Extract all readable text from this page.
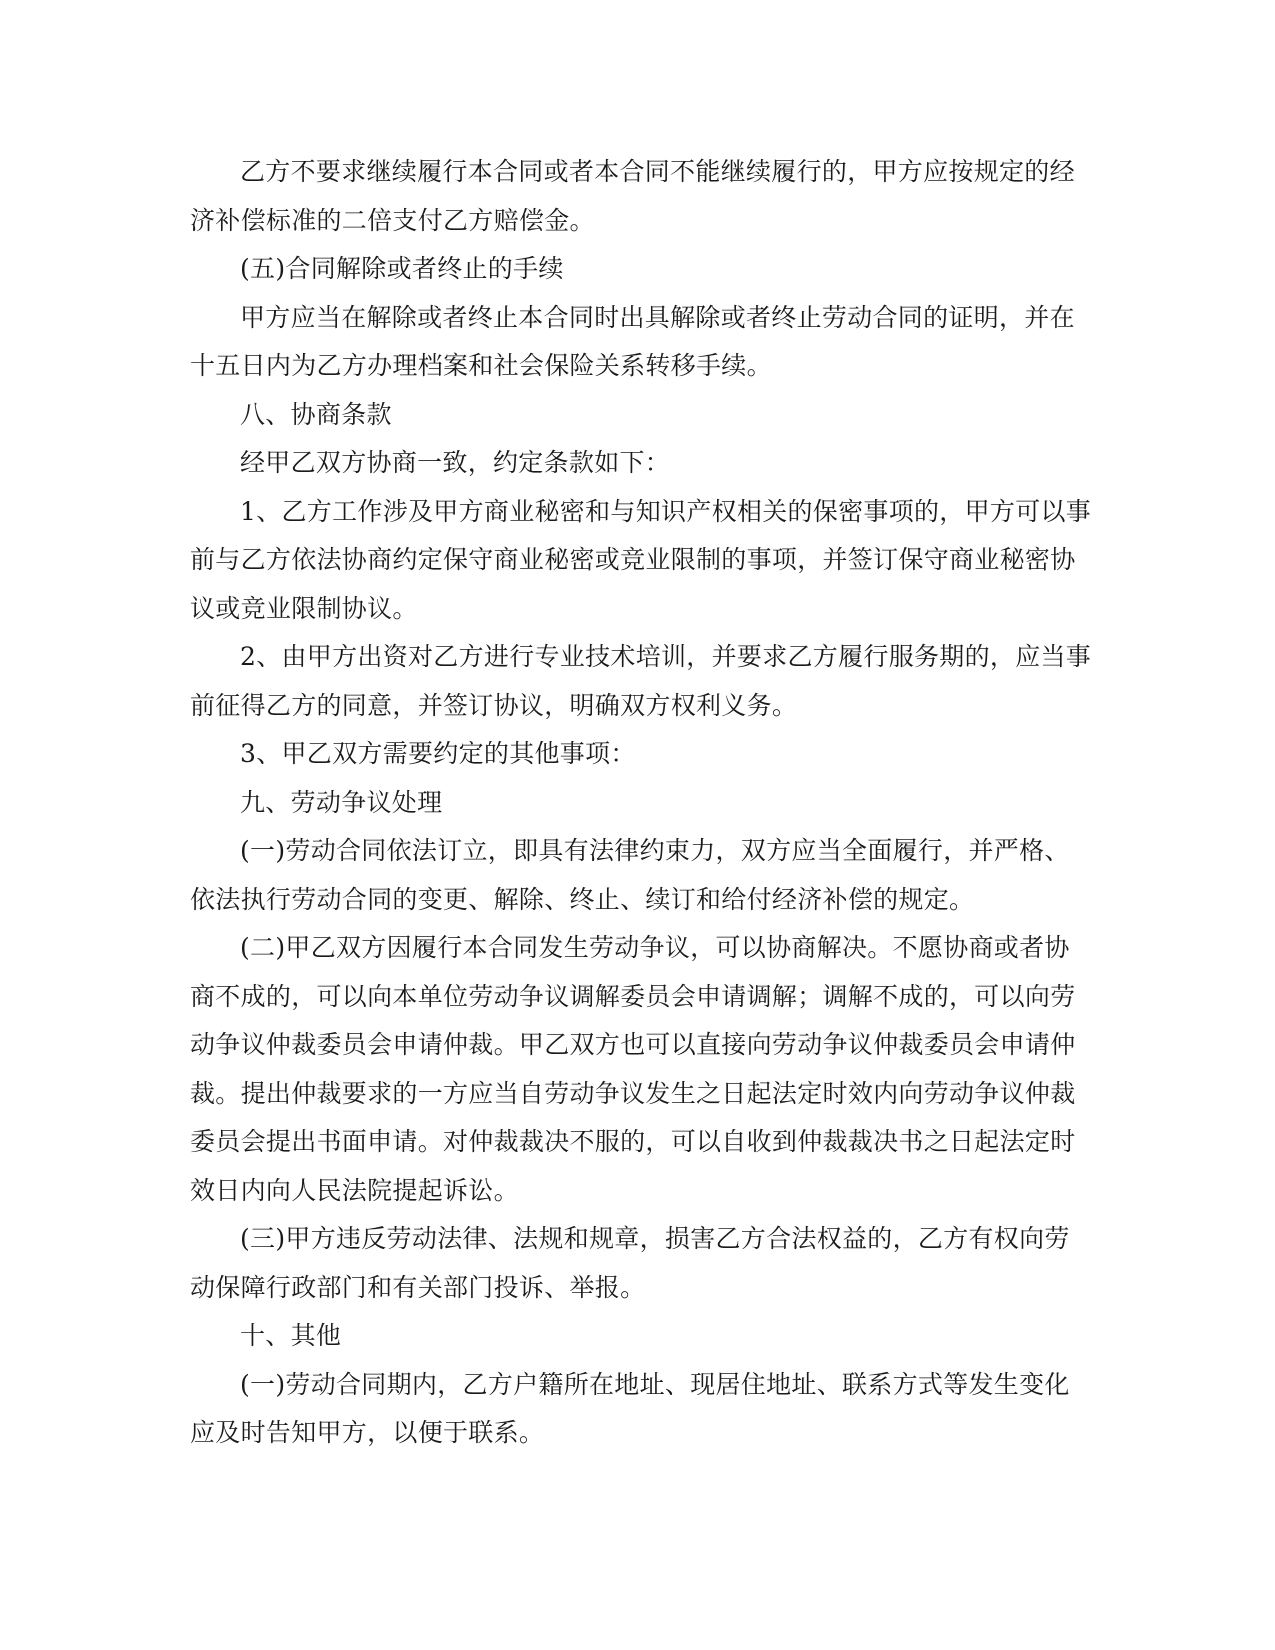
乙方不要求继续履行本合同或者本合同不能继续履行的，甲方应按规定的经
济补偿标准的二倍支付乙方赔偿金。
(五)合同解除或者终止的手续
甲方应当在解除或者终止本合同时出具解除或者终止劳动合同的证明，并在
十五日内为乙方办理档案和社会保险关系转移手续。
八、协商条款
经甲乙双方协商一致，约定条款如下：
1、乙方工作涉及甲方商业秘密和与知识产权相关的保密事项的，甲方可以事
前与乙方依法协商约定保守商业秘密或竞业限制的事项，并签订保守商业秘密协
议或竞业限制协议。
2、由甲方出资对乙方进行专业技术培训，并要求乙方履行服务期的，应当事
前征得乙方的同意，并签订协议，明确双方权利义务。
3、甲乙双方需要约定的其他事项：
九、劳动争议处理
(一)劳动合同依法订立，即具有法律约束力，双方应当全面履行，并严格、
依法执行劳动合同的变更、解除、终止、续订和给付经济补偿的规定。
(二)甲乙双方因履行本合同发生劳动争议，可以协商解决。不愿协商或者协
商不成的，可以向本单位劳动争议调解委员会申请调解；调解不成的，可以向劳
动争议仲裁委员会申请仲裁。甲乙双方也可以直接向劳动争议仲裁委员会申请仲
裁。提出仲裁要求的一方应当自劳动争议发生之日起法定时效内向劳动争议仲裁
委员会提出书面申请。对仲裁裁决不服的，可以自收到仲裁裁决书之日起法定时
效日内向人民法院提起诉讼。
(三)甲方违反劳动法律、法规和规章，损害乙方合法权益的，乙方有权向劳
动保障行政部门和有关部门投诉、举报。
十、其他
(一)劳动合同期内，乙方户籍所在地址、现居住地址、联系方式等发生变化
应及时告知甲方，以便于联系。
